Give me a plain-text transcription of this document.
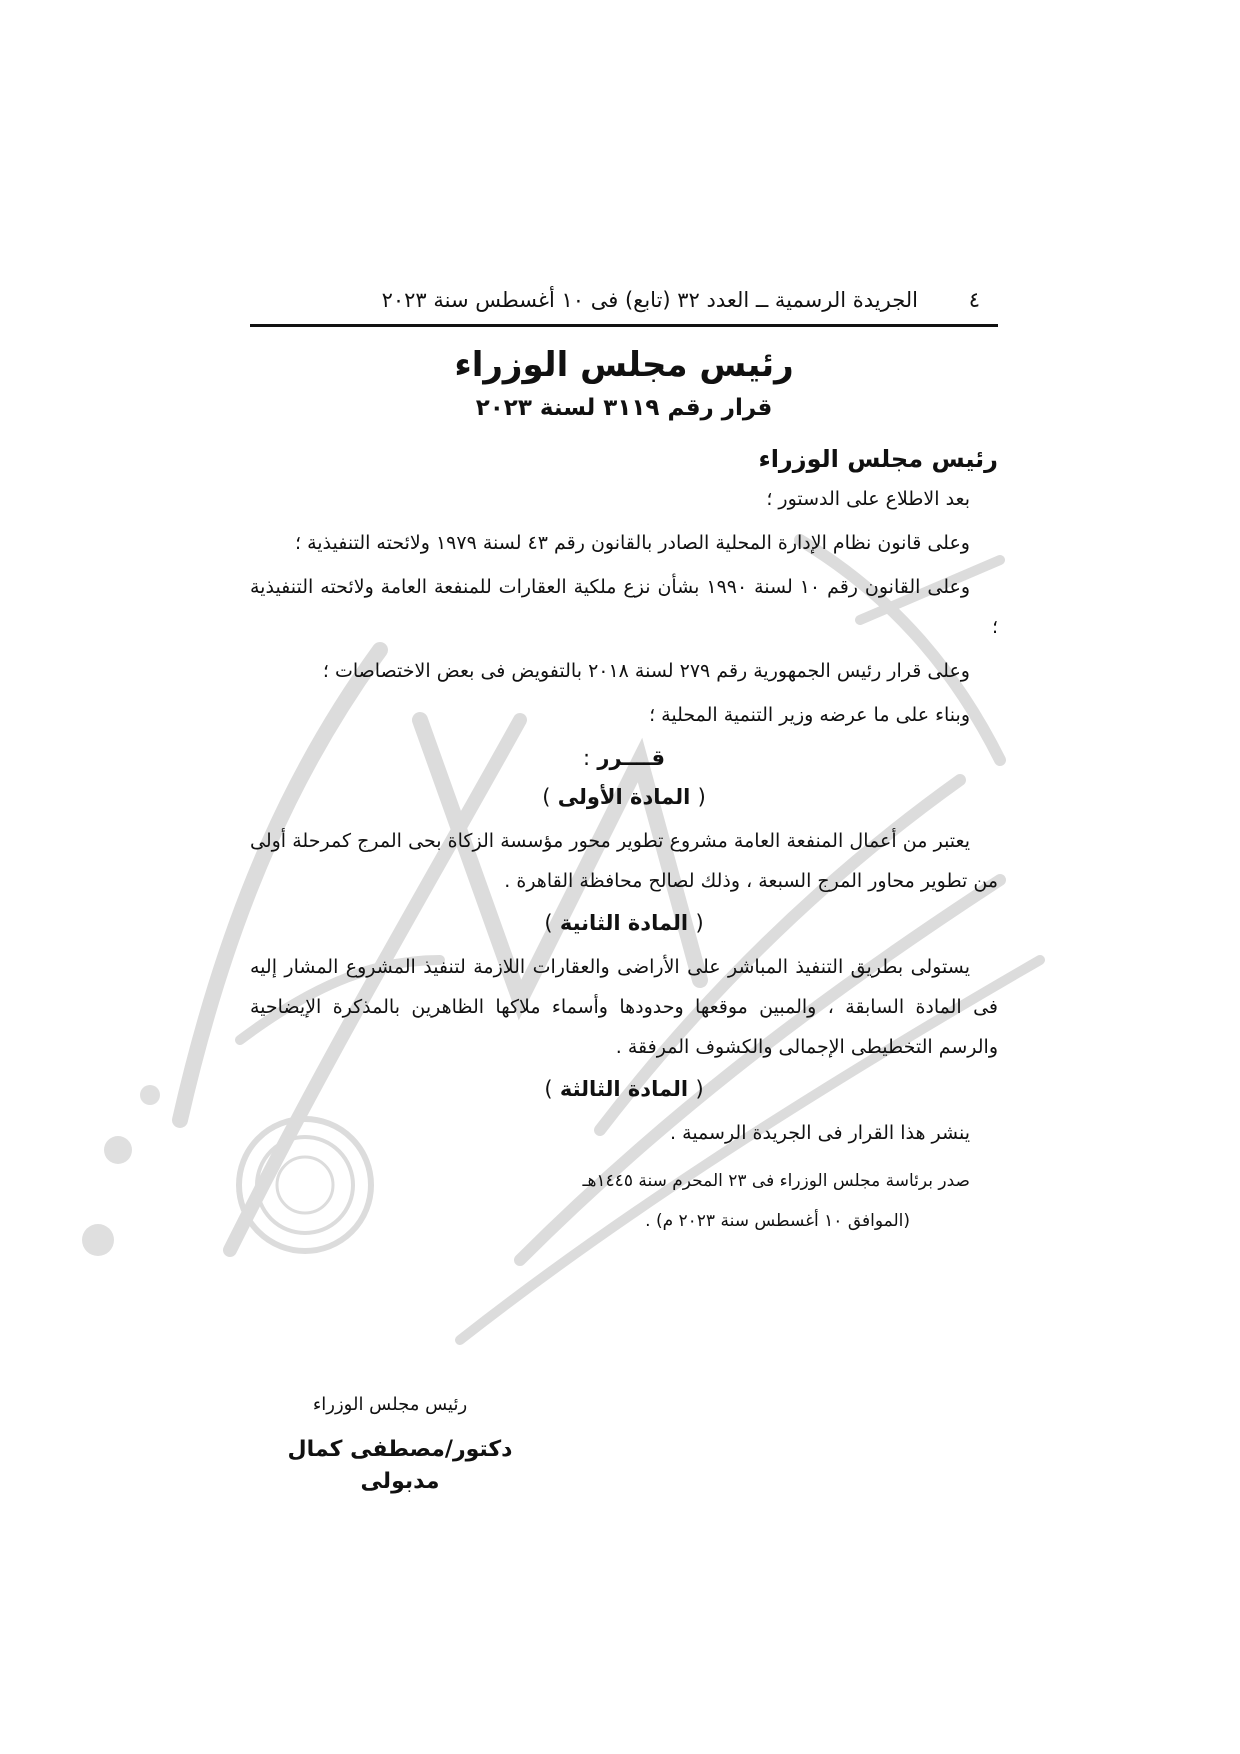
٤
الجريدة الرسمية ــ العدد ٣٢ (تابع) فى ١٠ أغسطس سنة ٢٠٢٣
رئيس مجلس الوزراء
قرار رقم ٣١١٩ لسنة ٢٠٢٣
رئيس مجلس الوزراء

بعد الاطلاع على الدستور ؛

وعلى قانون نظام الإدارة المحلية الصادر بالقانون رقم ٤٣ لسنة ١٩٧٩ ولائحته التنفيذية ؛

وعلى القانون رقم ١٠ لسنة ١٩٩٠ بشأن نزع ملكية العقارات للمنفعة العامة ولائحته التنفيذية ؛

وعلى قرار رئيس الجمهورية رقم ٢٧٩ لسنة ٢٠١٨ بالتفويض فى بعض الاختصاصات ؛

وبناء على ما عرضه وزير التنمية المحلية ؛

قــــرر :
( المادة الأولى )

يعتبر من أعمال المنفعة العامة مشروع تطوير محور مؤسسة الزكاة بحى المرج كمرحلة أولى من تطوير محاور المرج السبعة ، وذلك لصالح محافظة القاهرة .

( المادة الثانية )

يستولى بطريق التنفيذ المباشر على الأراضى والعقارات اللازمة لتنفيذ المشروع المشار إليه فى المادة السابقة ، والمبين موقعها وحدودها وأسماء ملاكها الظاهرين بالمذكرة الإيضاحية والرسم التخطيطى الإجمالى والكشوف المرفقة .

( المادة الثالثة )

ينشر هذا القرار فى الجريدة الرسمية .

صدر برئاسة مجلس الوزراء فى ٢٣ المحرم سنة ١٤٤٥هـ
(الموافق ١٠ أغسطس سنة ٢٠٢٣ م) .
رئيس مجلس الوزراء
دكتور/مصطفى كمال مدبولى
